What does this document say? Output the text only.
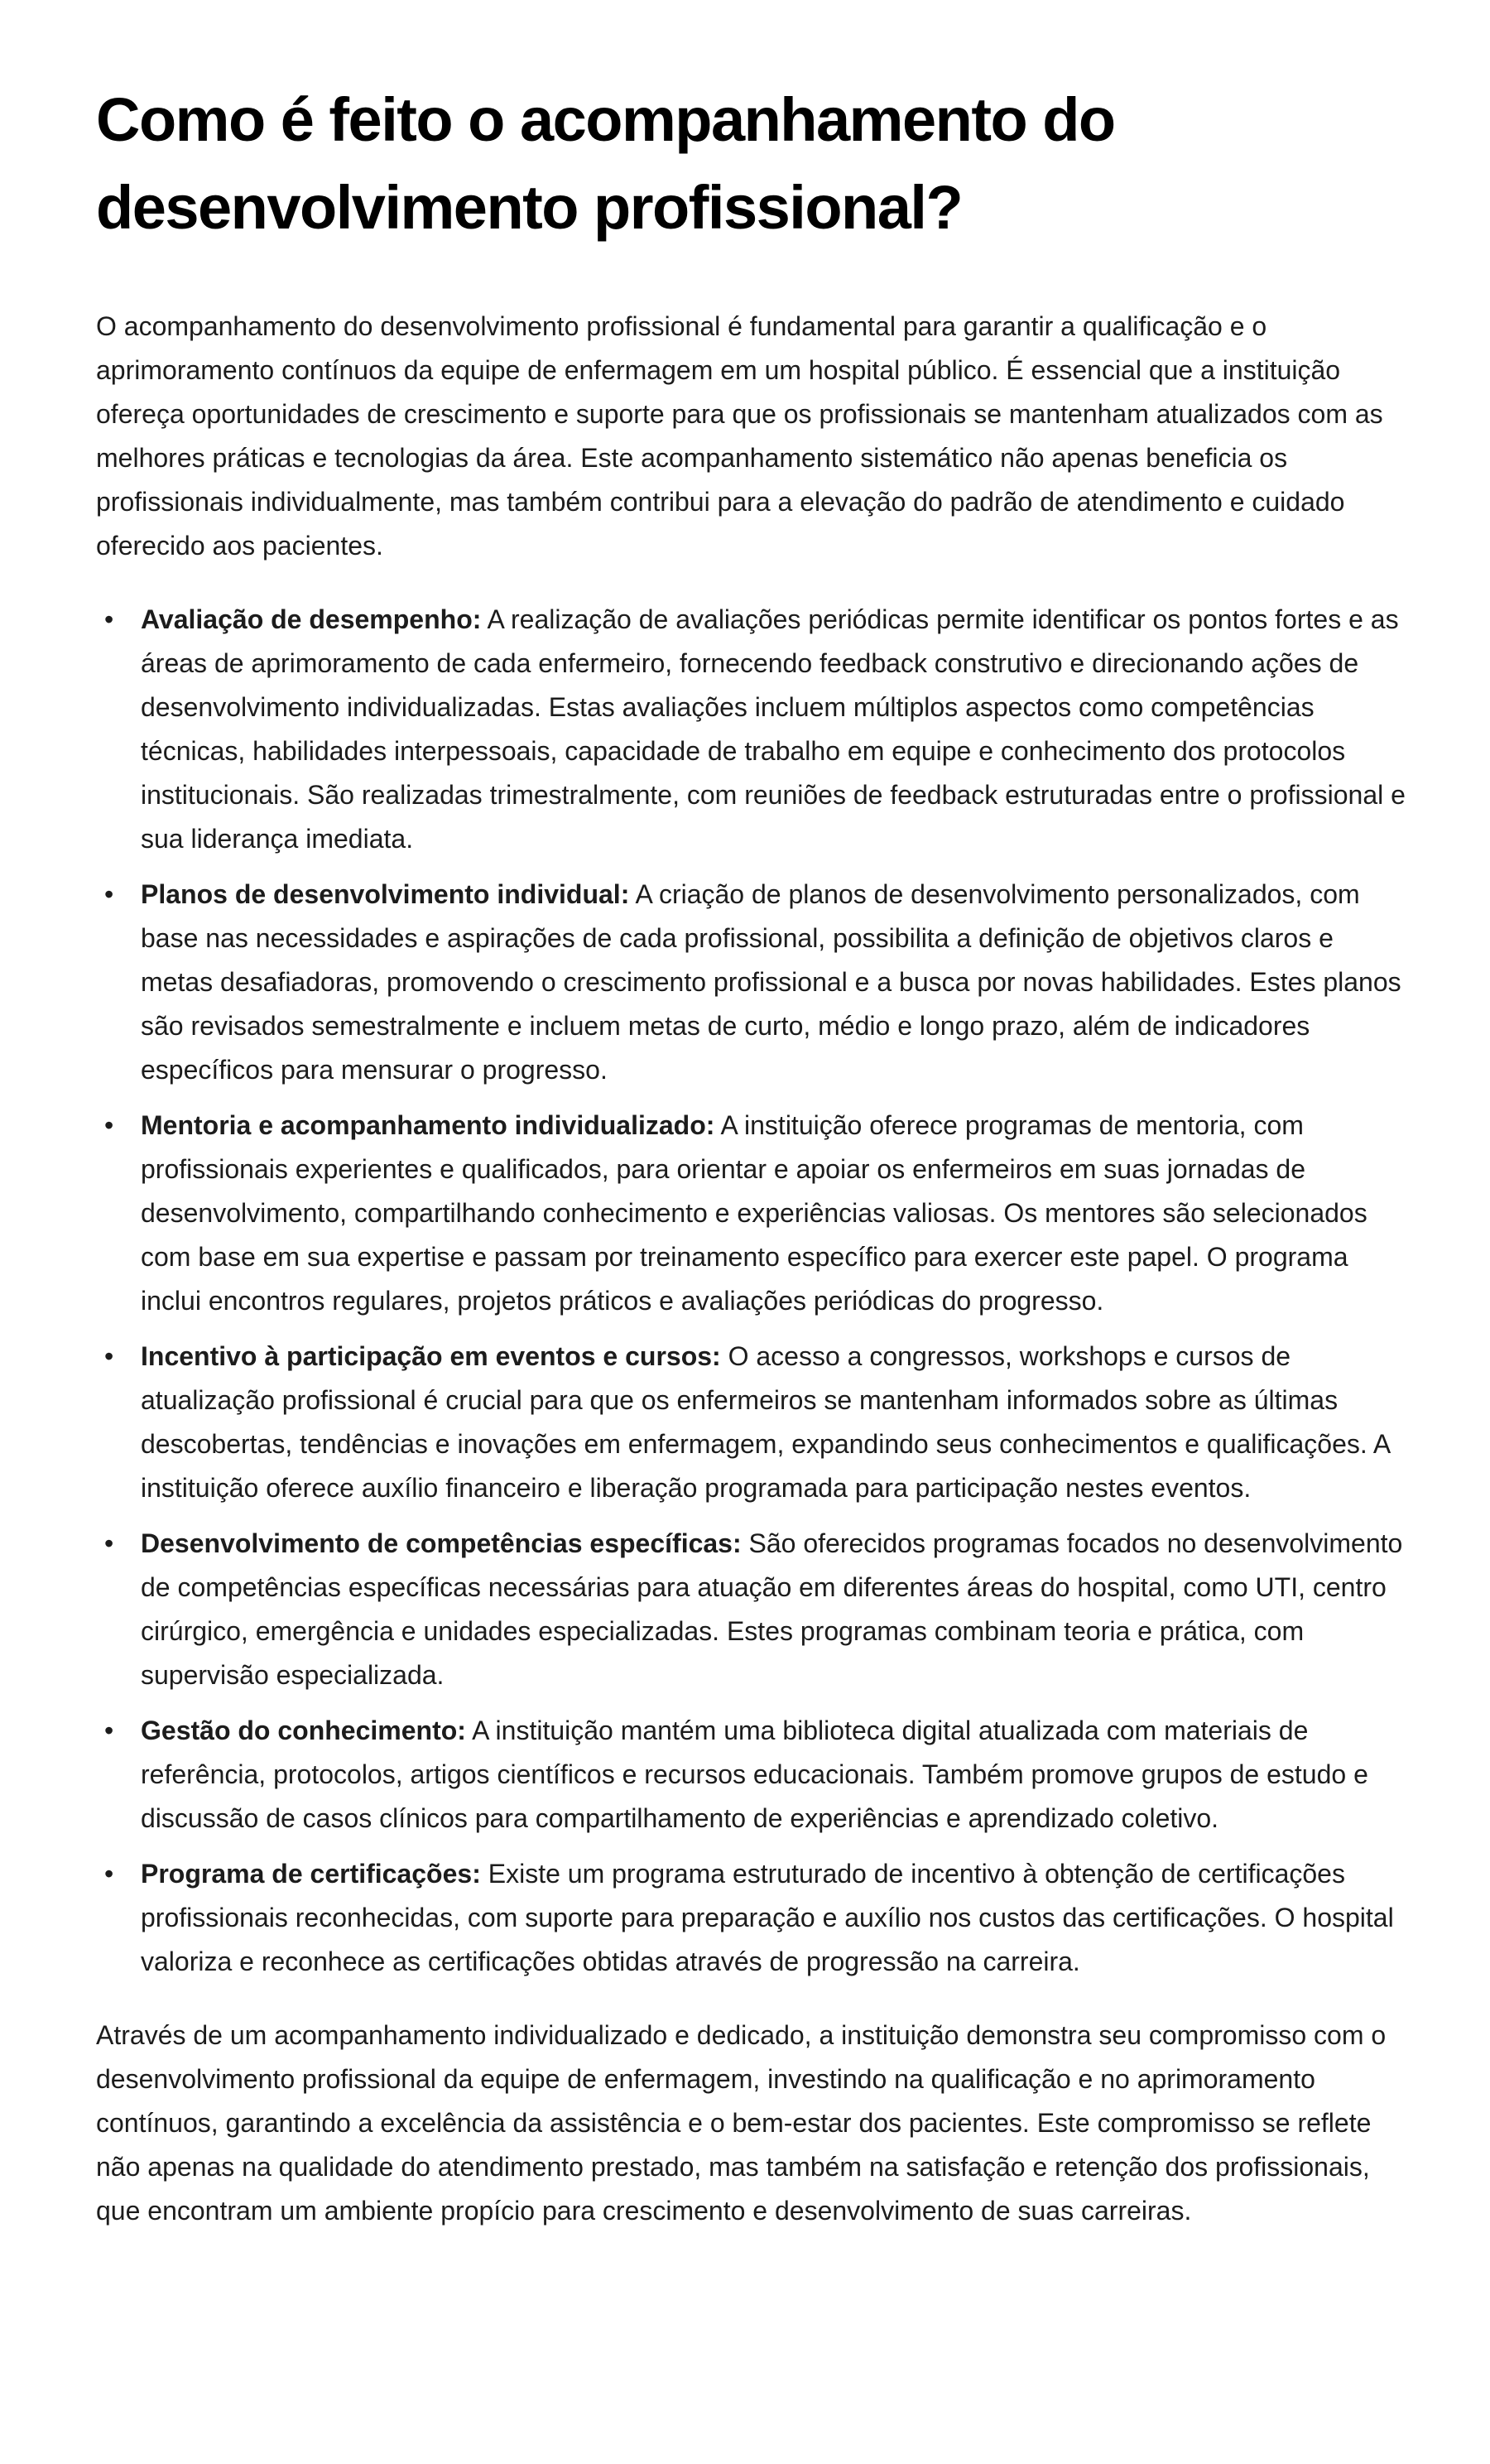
Como é feito o acompanhamento do desenvolvimento profissional?

O acompanhamento do desenvolvimento profissional é fundamental para garantir a qualificação e o aprimoramento contínuos da equipe de enfermagem em um hospital público. É essencial que a instituição ofereça oportunidades de crescimento e suporte para que os profissionais se mantenham atualizados com as melhores práticas e tecnologias da área. Este acompanhamento sistemático não apenas beneficia os profissionais individualmente, mas também contribui para a elevação do padrão de atendimento e cuidado oferecido aos pacientes.

• Avaliação de desempenho: A realização de avaliações periódicas permite identificar os pontos fortes e as áreas de aprimoramento de cada enfermeiro, fornecendo feedback construtivo e direcionando ações de desenvolvimento individualizadas. Estas avaliações incluem múltiplos aspectos como competências técnicas, habilidades interpessoais, capacidade de trabalho em equipe e conhecimento dos protocolos institucionais. São realizadas trimestralmente, com reuniões de feedback estruturadas entre o profissional e sua liderança imediata.
• Planos de desenvolvimento individual: A criação de planos de desenvolvimento personalizados, com base nas necessidades e aspirações de cada profissional, possibilita a definição de objetivos claros e metas desafiadoras, promovendo o crescimento profissional e a busca por novas habilidades. Estes planos são revisados semestralmente e incluem metas de curto, médio e longo prazo, além de indicadores específicos para mensurar o progresso.
• Mentoria e acompanhamento individualizado: A instituição oferece programas de mentoria, com profissionais experientes e qualificados, para orientar e apoiar os enfermeiros em suas jornadas de desenvolvimento, compartilhando conhecimento e experiências valiosas. Os mentores são selecionados com base em sua expertise e passam por treinamento específico para exercer este papel. O programa inclui encontros regulares, projetos práticos e avaliações periódicas do progresso.
• Incentivo à participação em eventos e cursos: O acesso a congressos, workshops e cursos de atualização profissional é crucial para que os enfermeiros se mantenham informados sobre as últimas descobertas, tendências e inovações em enfermagem, expandindo seus conhecimentos e qualificações. A instituição oferece auxílio financeiro e liberação programada para participação nestes eventos.
• Desenvolvimento de competências específicas: São oferecidos programas focados no desenvolvimento de competências específicas necessárias para atuação em diferentes áreas do hospital, como UTI, centro cirúrgico, emergência e unidades especializadas. Estes programas combinam teoria e prática, com supervisão especializada.
• Gestão do conhecimento: A instituição mantém uma biblioteca digital atualizada com materiais de referência, protocolos, artigos científicos e recursos educacionais. Também promove grupos de estudo e discussão de casos clínicos para compartilhamento de experiências e aprendizado coletivo.
• Programa de certificações: Existe um programa estruturado de incentivo à obtenção de certificações profissionais reconhecidas, com suporte para preparação e auxílio nos custos das certificações. O hospital valoriza e reconhece as certificações obtidas através de progressão na carreira.

Através de um acompanhamento individualizado e dedicado, a instituição demonstra seu compromisso com o desenvolvimento profissional da equipe de enfermagem, investindo na qualificação e no aprimoramento contínuos, garantindo a excelência da assistência e o bem-estar dos pacientes. Este compromisso se reflete não apenas na qualidade do atendimento prestado, mas também na satisfação e retenção dos profissionais, que encontram um ambiente propício para crescimento e desenvolvimento de suas carreiras.
